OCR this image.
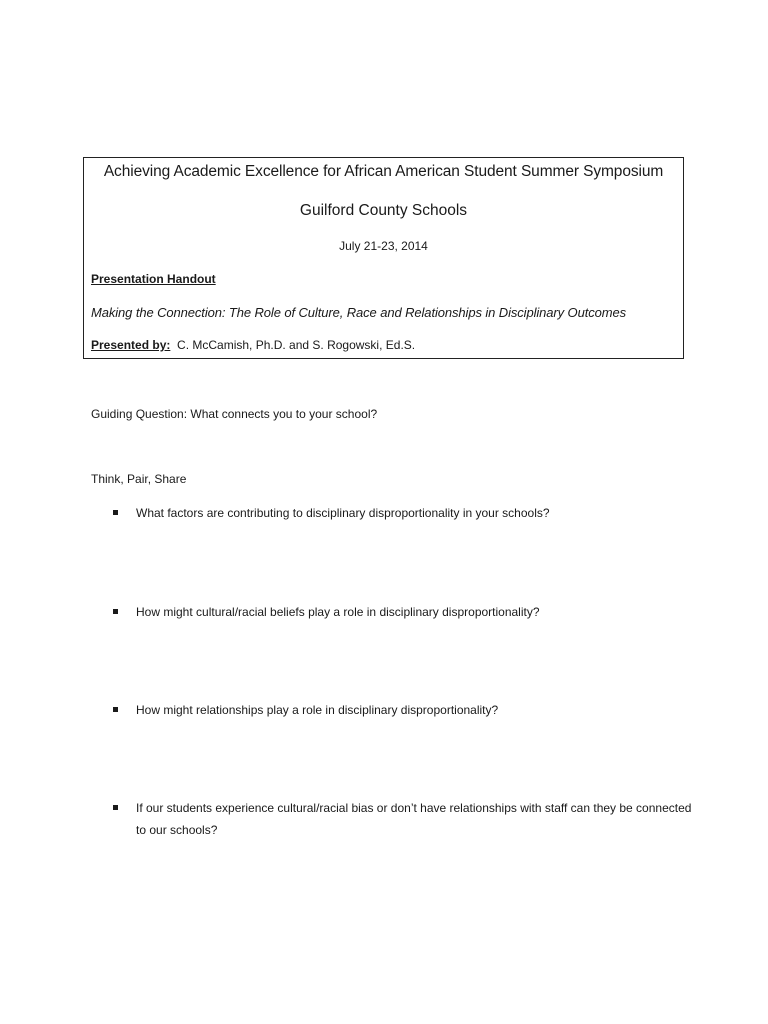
Achieving Academic Excellence for African American Student Summer Symposium
Guilford County Schools
July 21-23, 2014
Presentation Handout
Making the Connection: The Role of Culture, Race and Relationships in Disciplinary Outcomes
Presented by: C. McCamish, Ph.D. and S. Rogowski, Ed.S.
Guiding Question: What connects you to your school?
Think, Pair, Share
What factors are contributing to disciplinary disproportionality in your schools?
How might cultural/racial beliefs play a role in disciplinary disproportionality?
How might relationships play a role in disciplinary disproportionality?
If our students experience cultural/racial bias or don’t have relationships with staff can they be connected to our schools?
